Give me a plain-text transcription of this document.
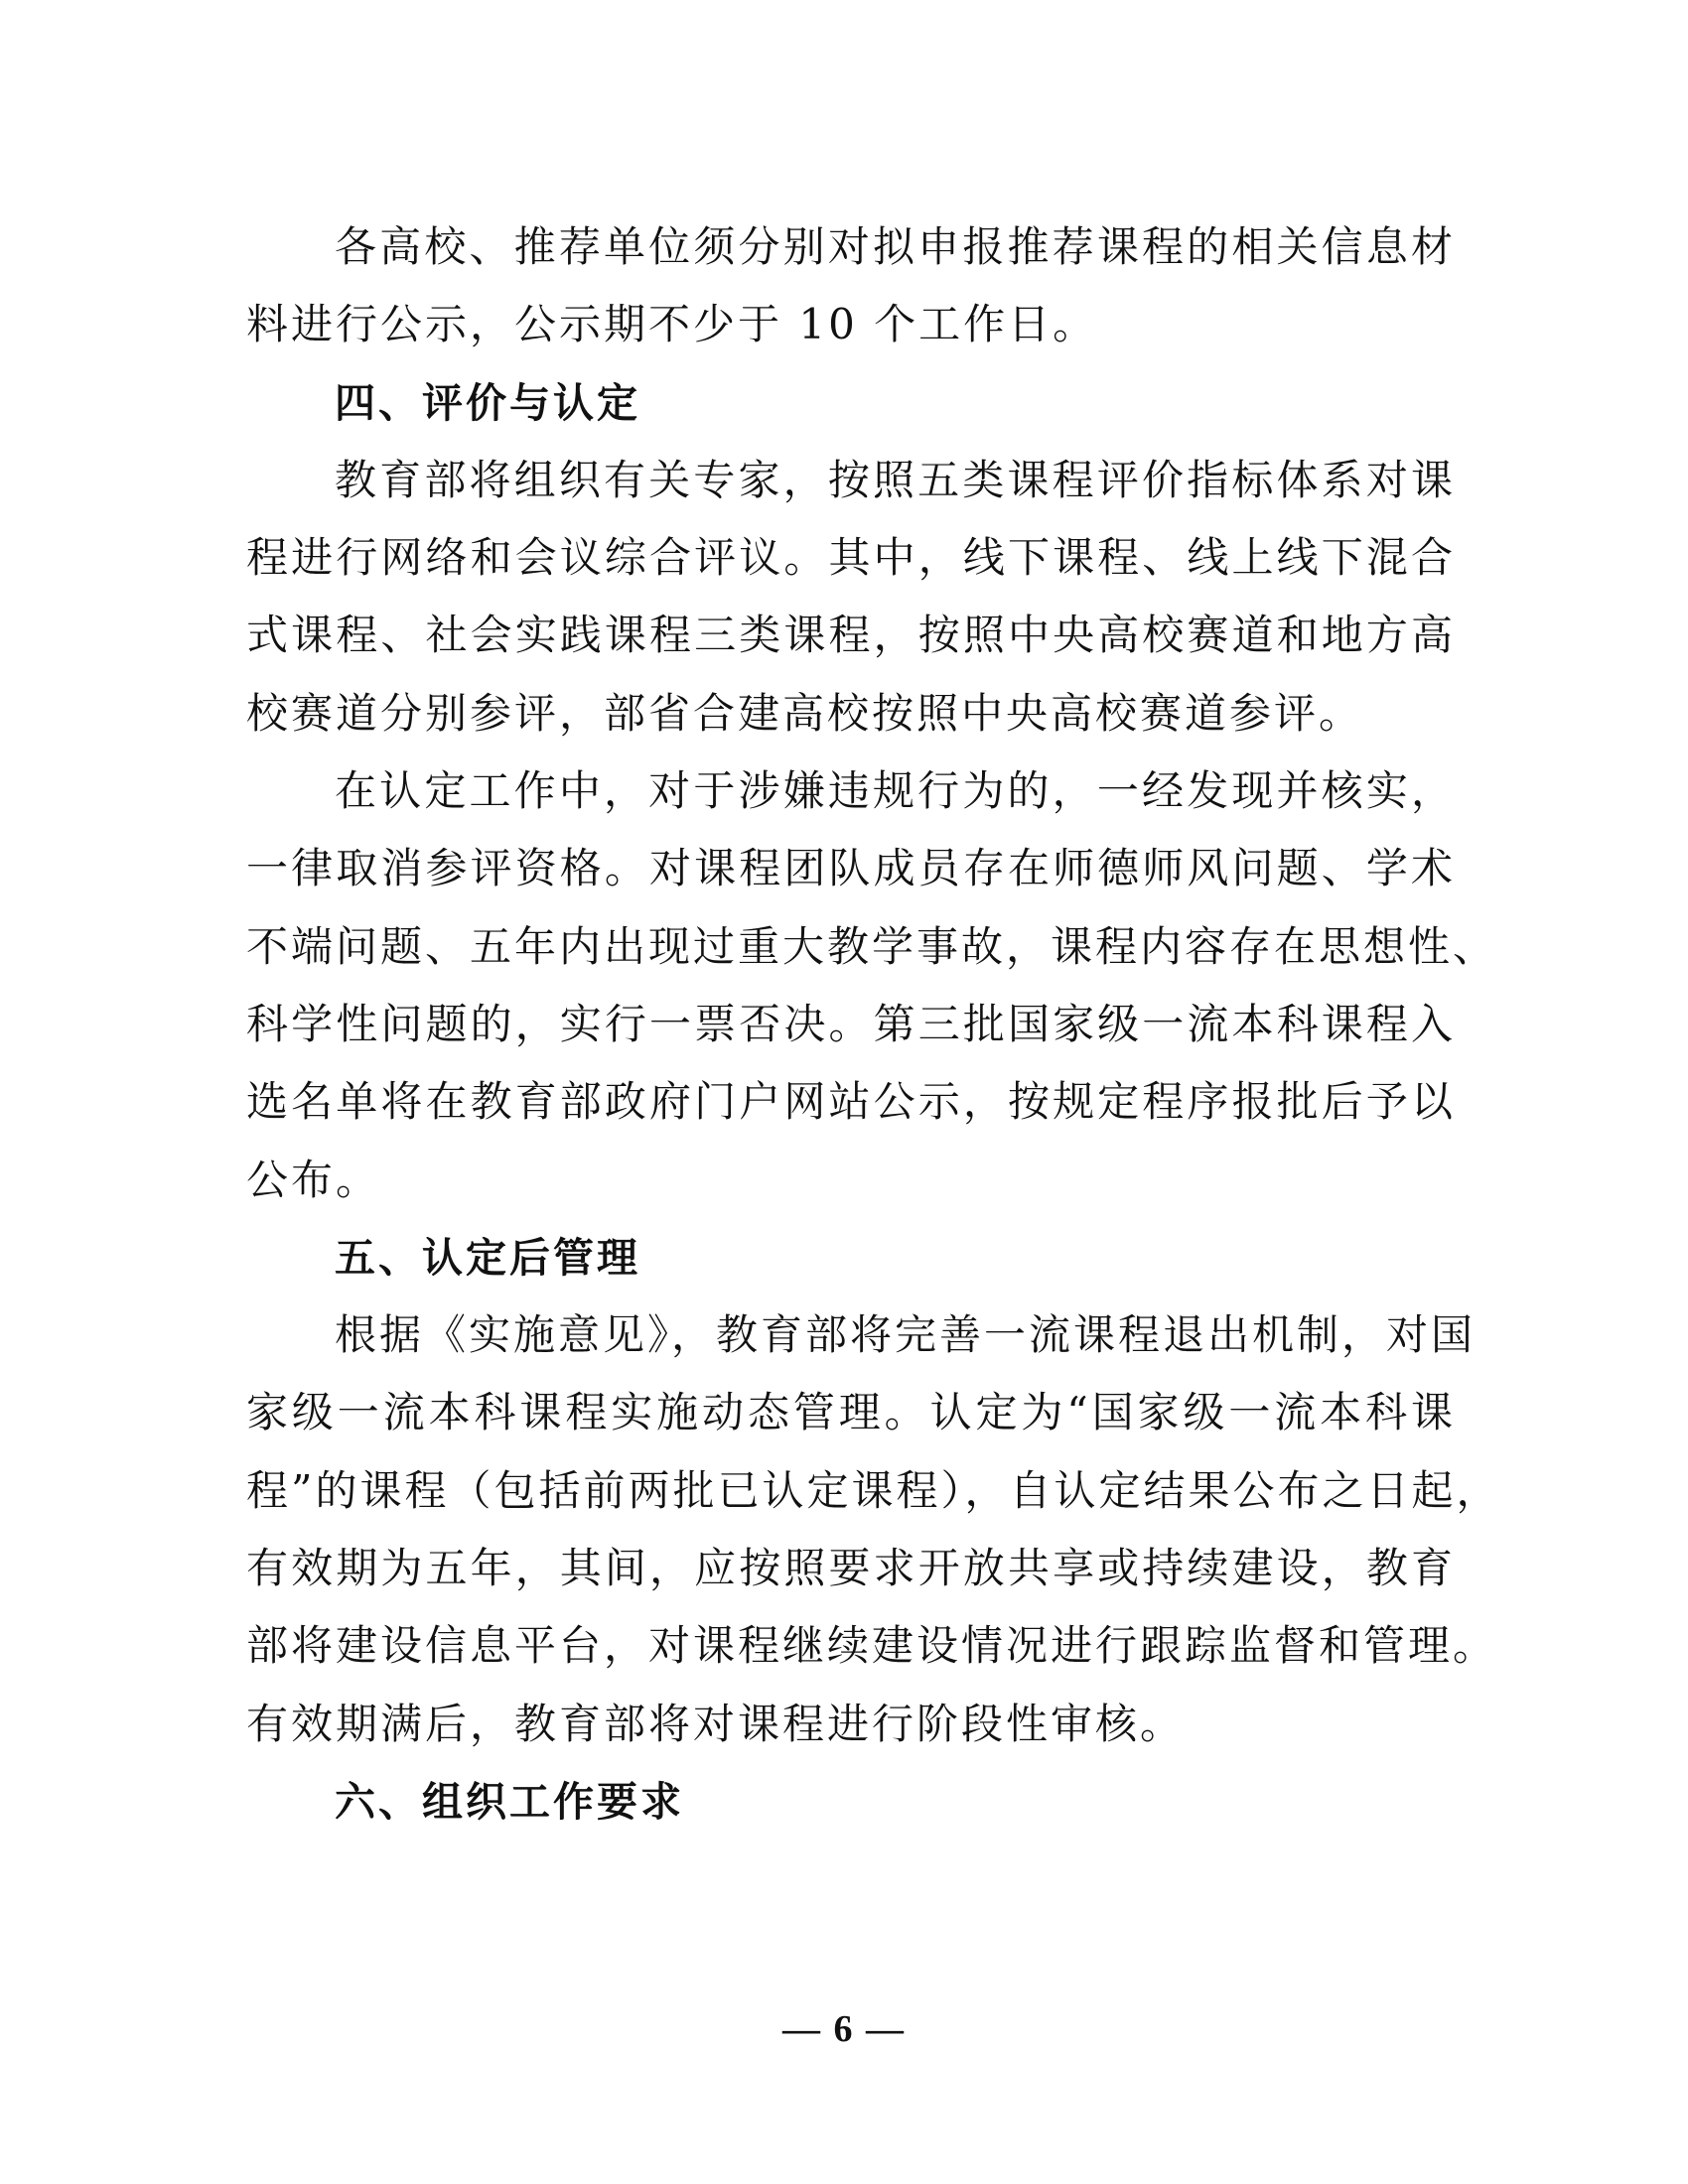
各高校、推荐单位须分别对拟申报推荐课程的相关信息材
料进行公示，公示期不少于 10 个工作日。
四、评价与认定
教育部将组织有关专家，按照五类课程评价指标体系对课
程进行网络和会议综合评议。其中，线下课程、线上线下混合
式课程、社会实践课程三类课程，按照中央高校赛道和地方高
校赛道分别参评，部省合建高校按照中央高校赛道参评。
在认定工作中，对于涉嫌违规行为的，一经发现并核实，
一律取消参评资格。对课程团队成员存在师德师风问题、学术
不端问题、五年内出现过重大教学事故，课程内容存在思想性、
科学性问题的，实行一票否决。第三批国家级一流本科课程入
选名单将在教育部政府门户网站公示，按规定程序报批后予以
公布。
五、认定后管理
根据《实施意见》，教育部将完善一流课程退出机制，对国
家级一流本科课程实施动态管理。认定为“国家级一流本科课
程”的课程（包括前两批已认定课程），自认定结果公布之日起，
有效期为五年，其间，应按照要求开放共享或持续建设，教育
部将建设信息平台，对课程继续建设情况进行跟踪监督和管理。
有效期满后，教育部将对课程进行阶段性审核。
六、组织工作要求
— 6 —
